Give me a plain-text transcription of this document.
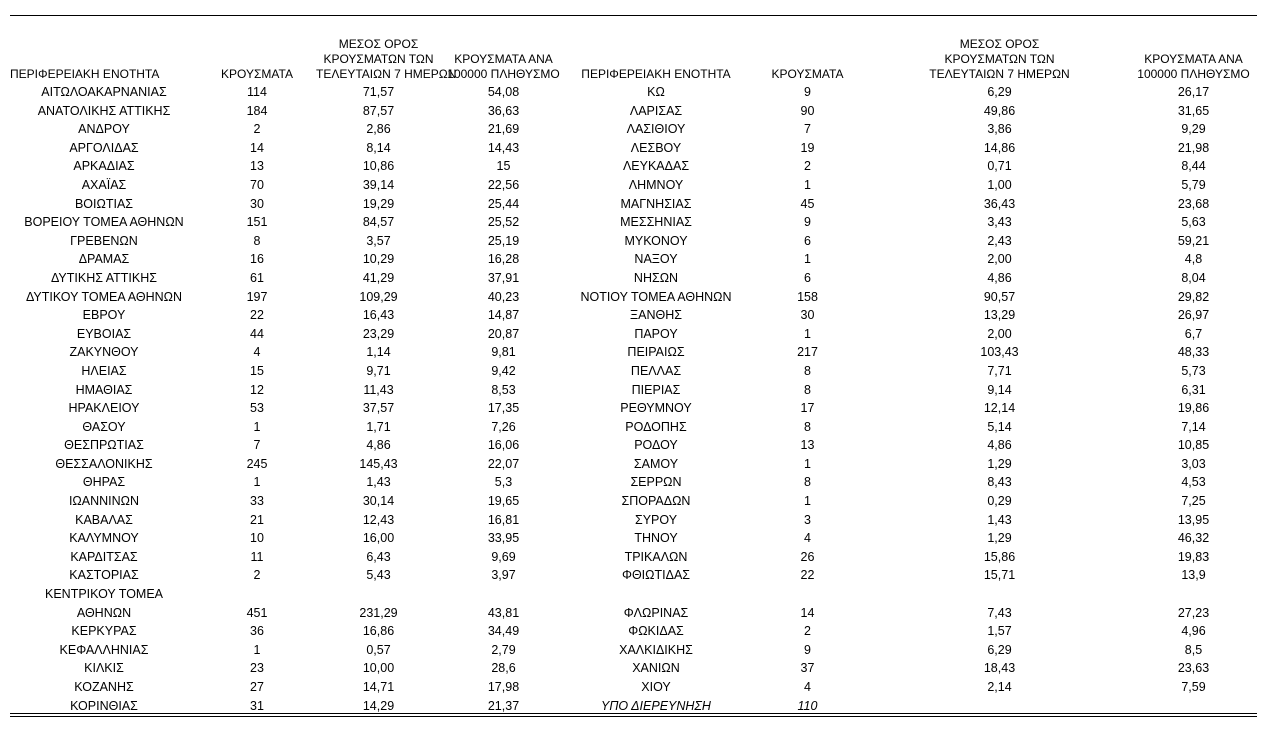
ΠΕΡΙΦΕΡΕΙΑΚΗ ΕΝΟΤΗΤΑ	ΚΡΟΥΣΜΑΤΑ	ΜΕΣΟΣ ΟΡΟΣ
ΚΡΟΥΣΜΑΤΩΝ ΤΩΝ
ΤΕΛΕΥΤΑΙΩΝ 7 ΗΜΕΡΩΝ	ΚΡΟΥΣΜΑΤΑ ΑΝΑ
100000 ΠΛΗΘΥΣΜΟ	ΠΕΡΙΦΕΡΕΙΑΚΗ ΕΝΟΤΗΤΑ	ΚΡΟΥΣΜΑΤΑ	ΜΕΣΟΣ ΟΡΟΣ
ΚΡΟΥΣΜΑΤΩΝ ΤΩΝ
ΤΕΛΕΥΤΑΙΩΝ 7 ΗΜΕΡΩΝ	ΚΡΟΥΣΜΑΤΑ ΑΝΑ
100000 ΠΛΗΘΥΣΜΟ
ΑΙΤΩΛΟΑΚΑΡΝΑΝΙΑΣ	114	71,57	54,08	ΚΩ	9	6,29	26,17
ΑΝΑΤΟΛΙΚΗΣ ΑΤΤΙΚΗΣ	184	87,57	36,63	ΛΑΡΙΣΑΣ	90	49,86	31,65
ΑΝΔΡΟΥ	2	2,86	21,69	ΛΑΣΙΘΙΟΥ	7	3,86	9,29
ΑΡΓΟΛΙΔΑΣ	14	8,14	14,43	ΛΕΣΒΟΥ	19	14,86	21,98
ΑΡΚΑΔΙΑΣ	13	10,86	15	ΛΕΥΚΑΔΑΣ	2	0,71	8,44
ΑΧΑΪΑΣ	70	39,14	22,56	ΛΗΜΝΟΥ	1	1,00	5,79
ΒΟΙΩΤΙΑΣ	30	19,29	25,44	ΜΑΓΝΗΣΙΑΣ	45	36,43	23,68
ΒΟΡΕΙΟΥ ΤΟΜΕΑ ΑΘΗΝΩΝ	151	84,57	25,52	ΜΕΣΣΗΝΙΑΣ	9	3,43	5,63
ΓΡΕΒΕΝΩΝ	8	3,57	25,19	ΜΥΚΟΝΟΥ	6	2,43	59,21
ΔΡΑΜΑΣ	16	10,29	16,28	ΝΑΞΟΥ	1	2,00	4,8
ΔΥΤΙΚΗΣ ΑΤΤΙΚΗΣ	61	41,29	37,91	ΝΗΣΩΝ	6	4,86	8,04
ΔΥΤΙΚΟΥ ΤΟΜΕΑ ΑΘΗΝΩΝ	197	109,29	40,23	ΝΟΤΙΟΥ ΤΟΜΕΑ ΑΘΗΝΩΝ	158	90,57	29,82
ΕΒΡΟΥ	22	16,43	14,87	ΞΑΝΘΗΣ	30	13,29	26,97
ΕΥΒΟΙΑΣ	44	23,29	20,87	ΠΑΡΟΥ	1	2,00	6,7
ΖΑΚΥΝΘΟΥ	4	1,14	9,81	ΠΕΙΡΑΙΩΣ	217	103,43	48,33
ΗΛΕΙΑΣ	15	9,71	9,42	ΠΕΛΛΑΣ	8	7,71	5,73
ΗΜΑΘΙΑΣ	12	11,43	8,53	ΠΙΕΡΙΑΣ	8	9,14	6,31
ΗΡΑΚΛΕΙΟΥ	53	37,57	17,35	ΡΕΘΥΜΝΟΥ	17	12,14	19,86
ΘΑΣΟΥ	1	1,71	7,26	ΡΟΔΟΠΗΣ	8	5,14	7,14
ΘΕΣΠΡΩΤΙΑΣ	7	4,86	16,06	ΡΟΔΟΥ	13	4,86	10,85
ΘΕΣΣΑΛΟΝΙΚΗΣ	245	145,43	22,07	ΣΑΜΟΥ	1	1,29	3,03
ΘΗΡΑΣ	1	1,43	5,3	ΣΕΡΡΩΝ	8	8,43	4,53
ΙΩΑΝΝΙΝΩΝ	33	30,14	19,65	ΣΠΟΡΑΔΩΝ	1	0,29	7,25
ΚΑΒΑΛΑΣ	21	12,43	16,81	ΣΥΡΟΥ	3	1,43	13,95
ΚΑΛΥΜΝΟΥ	10	16,00	33,95	ΤΗΝΟΥ	4	1,29	46,32
ΚΑΡΔΙΤΣΑΣ	11	6,43	9,69	ΤΡΙΚΑΛΩΝ	26	15,86	19,83
ΚΑΣΤΟΡΙΑΣ	2	5,43	3,97	ΦΘΙΩΤΙΔΑΣ	22	15,71	13,9
ΚΕΝΤΡΙΚΟΥ ΤΟΜΕΑ							
ΑΘΗΝΩΝ	451	231,29	43,81	ΦΛΩΡΙΝΑΣ	14	7,43	27,23
ΚΕΡΚΥΡΑΣ	36	16,86	34,49	ΦΩΚΙΔΑΣ	2	1,57	4,96
ΚΕΦΑΛΛΗΝΙΑΣ	1	0,57	2,79	ΧΑΛΚΙΔΙΚΗΣ	9	6,29	8,5
ΚΙΛΚΙΣ	23	10,00	28,6	ΧΑΝΙΩΝ	37	18,43	23,63
ΚΟΖΑΝΗΣ	27	14,71	17,98	ΧΙΟΥ	4	2,14	7,59
ΚΟΡΙΝΘΙΑΣ	31	14,29	21,37	ΥΠΟ ΔΙΕΡΕΥΝΗΣΗ	110		
